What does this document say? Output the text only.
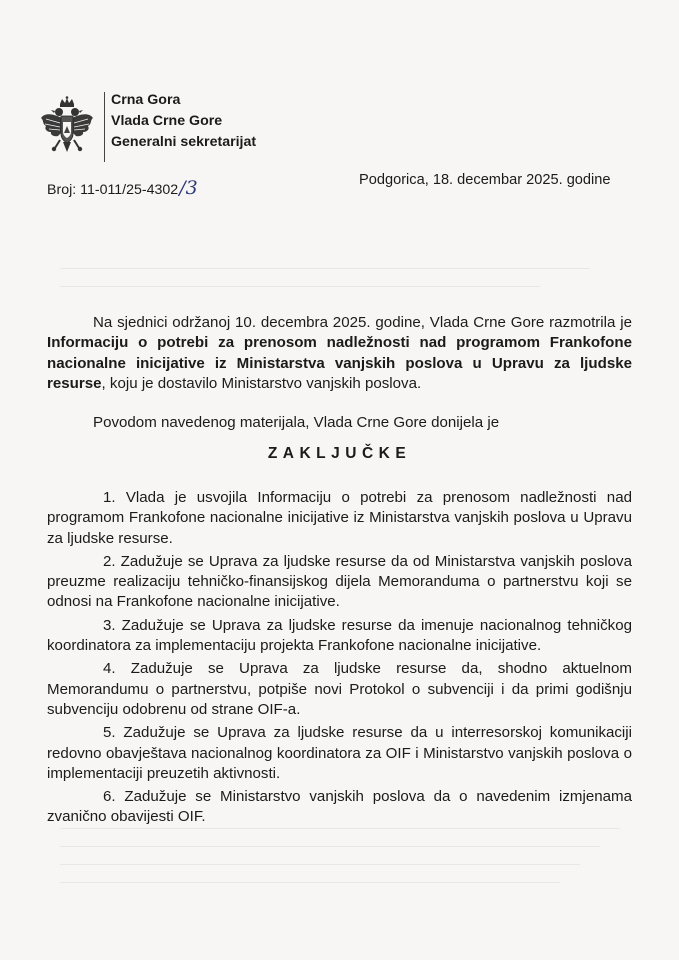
Crna Gora
Vlada Crne Gore
Generalni sekretarijat
Broj: 11-011/25-4302/3	Podgorica, 18. decembar 2025. godine
Na sjednici održanoj 10. decembra 2025. godine, Vlada Crne Gore razmotrila je Informaciju o potrebi za prenosom nadležnosti nad programom Frankofone nacionalne inicijative iz Ministarstva vanjskih poslova u Upravu za ljudske resurse, koju je dostavilo Ministarstvo vanjskih poslova.
Povodom navedenog materijala, Vlada Crne Gore donijela je
ZAKLJUČKE

1. Vlada je usvojila Informaciju o potrebi za prenosom nadležnosti nad programom Frankofone nacionalne inicijative iz Ministarstva vanjskih poslova u Upravu za ljudske resurse.

2. Zadužuje se Uprava za ljudske resurse da od Ministarstva vanjskih poslova preuzme realizaciju tehničko-finansijskog dijela Memoranduma o partnerstvu koji se odnosi na Frankofone nacionalne inicijative.

3. Zadužuje se Uprava za ljudske resurse da imenuje nacionalnog tehničkog koordinatora za implementaciju projekta Frankofone nacionalne inicijative.

4. Zadužuje se Uprava za ljudske resurse da, shodno aktuelnom Memorandumu o partnerstvu, potpiše novi Protokol o subvenciji i da primi godišnju subvenciju odobrenu od strane OIF-a.

5. Zadužuje se Uprava za ljudske resurse da u interresorskoj komunikaciji redovno obavještava nacionalnog koordinatora za OIF i Ministarstvo vanjskih poslova o implementaciji preuzetih aktivnosti.

6. Zadužuje se Ministarstvo vanjskih poslova da o navedenim izmjenama zvanično obavijesti OIF.
